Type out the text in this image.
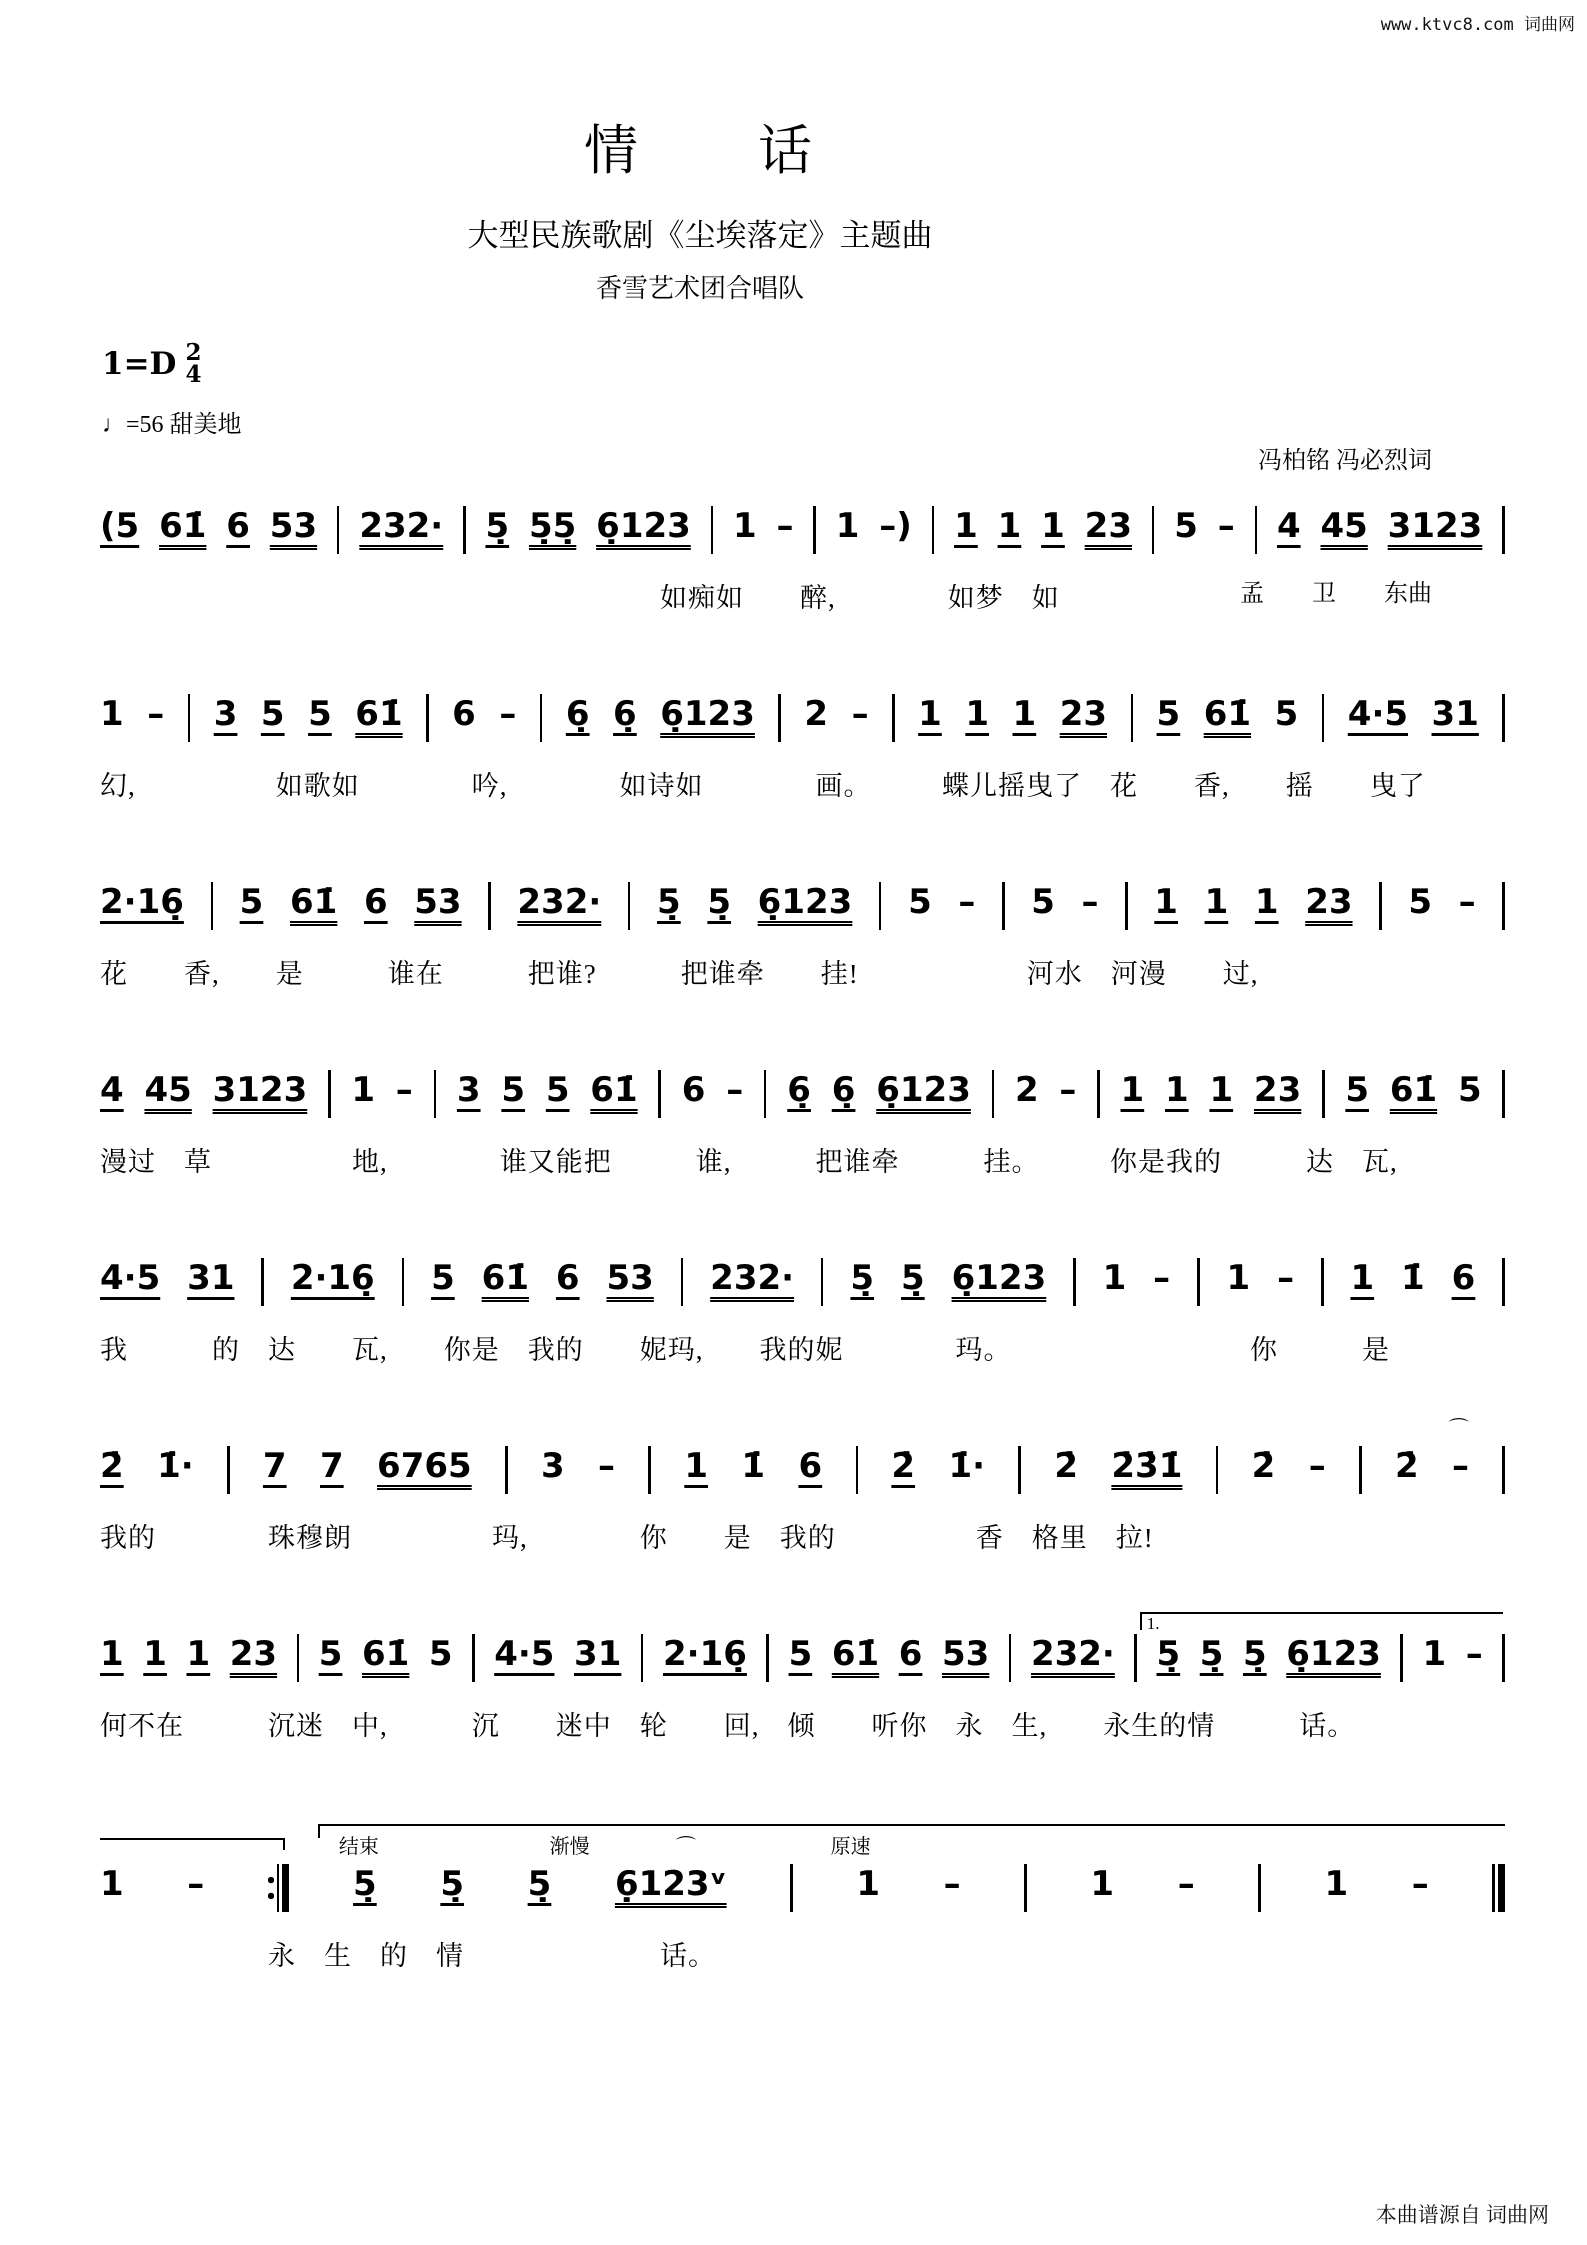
www.ktvc8.com 词曲网
情　　话
大型民族歌剧《尘埃落定》主题曲
香雪艺术团合唱队
1=D 2
4
♩=56 甜美地

冯柏铭 冯必烈词

孟　　卫　　东曲

(5 61̇ 6 53 232· 5̣ 5̣5̣ 6̣123 1 – 1 –) 1 1 1 23 5 – 4 45 3123
　　　　　　　　　　　　　　　　　　　　如痴如　　醉,　　　　如梦　如
1 – 3 5 5 61̇ 6 – 6̣ 6̣ 6̣123 2 – 1 1 1 23 5 61̇ 5 4·5 31
幻,　　　　　如歌如　　　　吟,　　　　如诗如　　　　画。　　　蝶儿摇曳了　花　　香,　　摇　　曳了
2·16̣ 5 61̇ 6 53 232· 5̣ 5̣ 6̣123 5 – 5 – 1 1 1 23 5 –
花　　香,　　是　　　谁在　　　把谁?　　　把谁牵　　挂!　　　　　　河水　河漫　　过,
4 45 3123 1 – 3 5 5 61̇ 6 – 6̣ 6̣ 6̣123 2 – 1 1 1 23 5 61̇ 5
漫过　草　　　　　地,　　　　谁又能把　　　谁,　　　把谁牵　　　挂。　　　你是我的　　　达　瓦,
4·5 31 2·16̣ 5 61̇ 6 53 232· 5̣ 5̣ 6̣123 1 – 1 – 1 1̇ 6
我　　　的　达　　瓦,　　你是　我的　　妮玛,　　我的妮　　　　玛。　　　　　　　　　你　　　是
⌒
2̇ 1̇· 7 7 6765 3 – 1 1̇ 6 2̇ 1̇· 2̇ 2̇3̇1̇ 2̇ – 2̇ –
我的　　　　珠穆朗　　　　　玛,　　　　你　　是　我的　　　　　香　格里　拉!
1.
1 1 1 23 5 61̇ 5 4·5 31 2·16̣ 5 61̇ 6 53 232· 5̣ 5̣ 5̣ 6̣123 1 –
何不在　　　沉迷　中,　　　沉　　迷中　轮　　回,　倾　　听你　永　生,　　永生的情　　　话。
结束	渐慢	⌒	原速
1 –	5̣ 5̣ 5̣ 6̣123ᵛ	1 –	1 –	1 –
　　　　　　永　生　的　情　　　　　　　话。
本曲谱源自 词曲网
